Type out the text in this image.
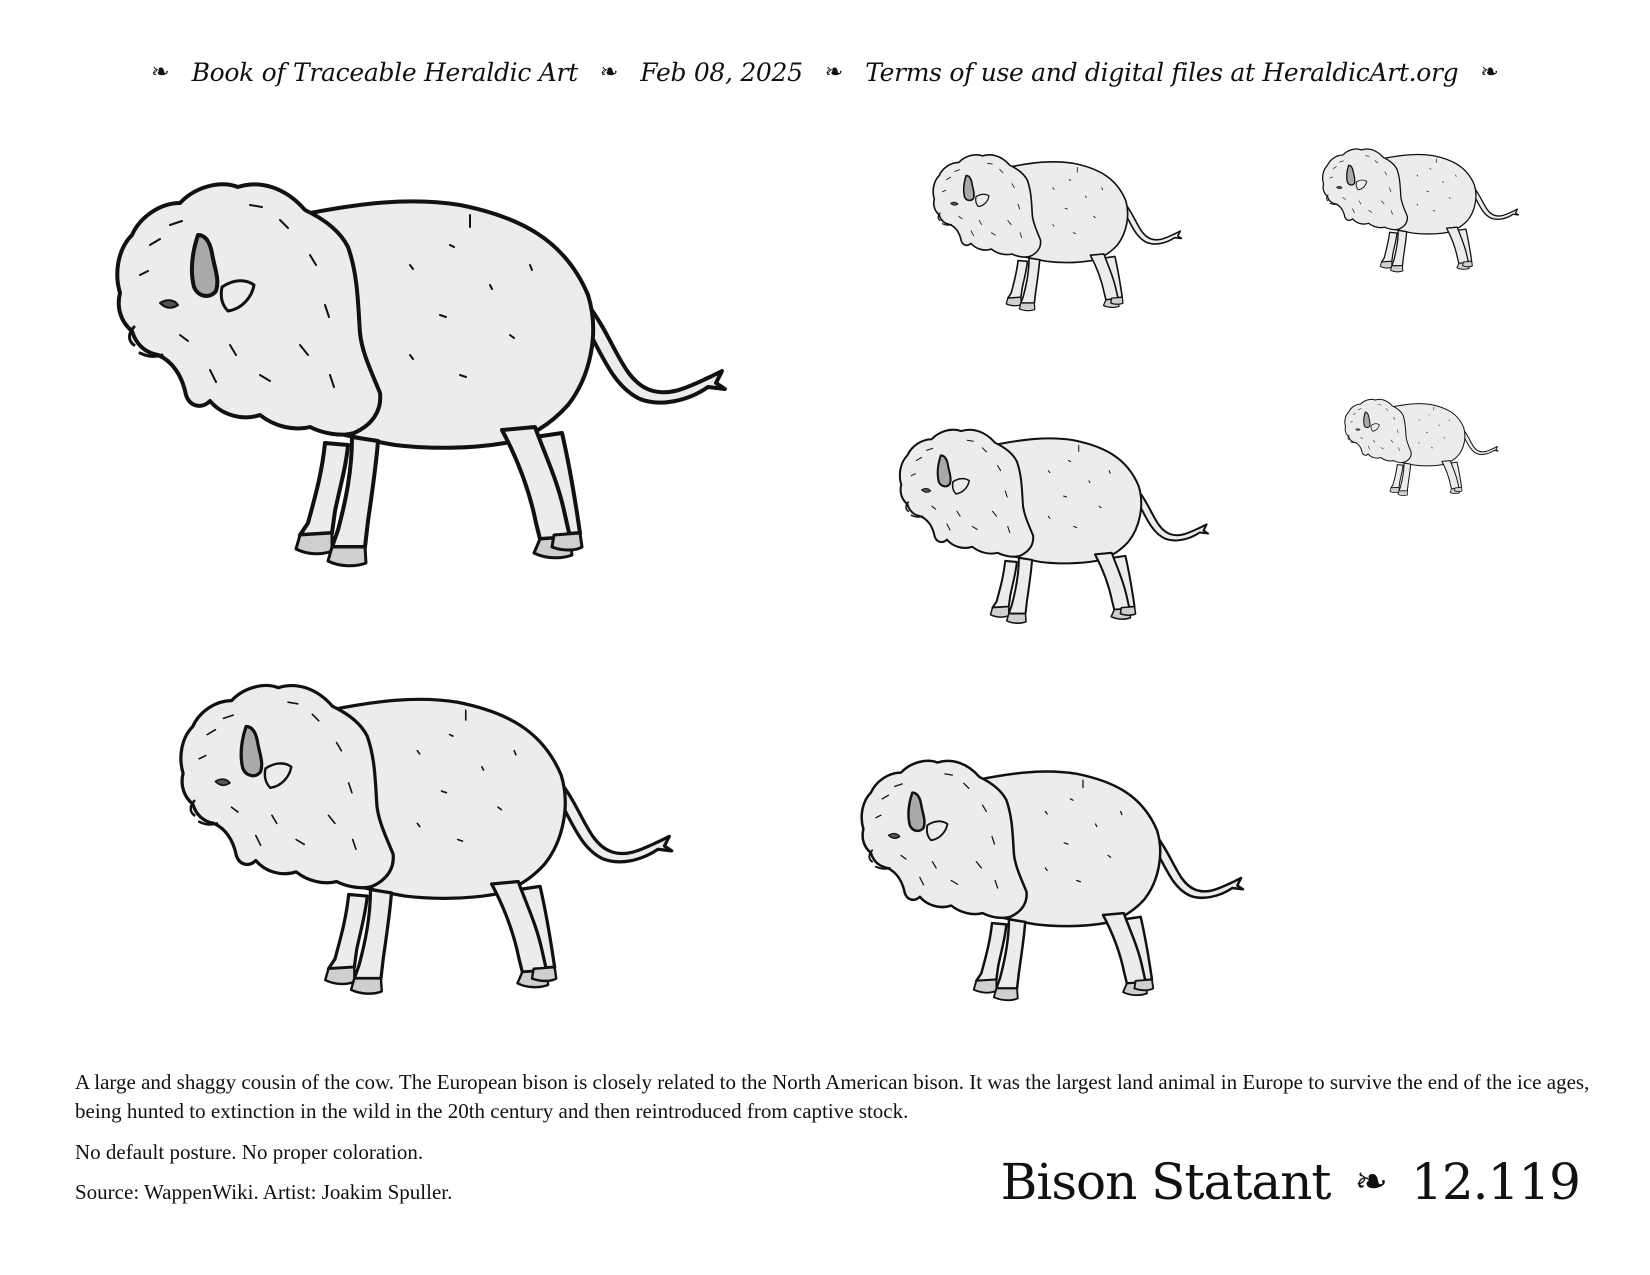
❧ Book of Traceable Heraldic Art ❧ Feb 08, 2025 ❧ Terms of use and digital files at HeraldicArt.org ❧
A large and shaggy cousin of the cow. The European bison is closely related to the North American bison. It was the largest land animal in Europe to survive the end of the ice ages, being hunted to extinction in the wild in the 20th century and then reintroduced from captive stock.
No default posture. No proper coloration.
Source: WappenWiki. Artist: Joakim Spuller.	Bison Statant ❧ 12.119
